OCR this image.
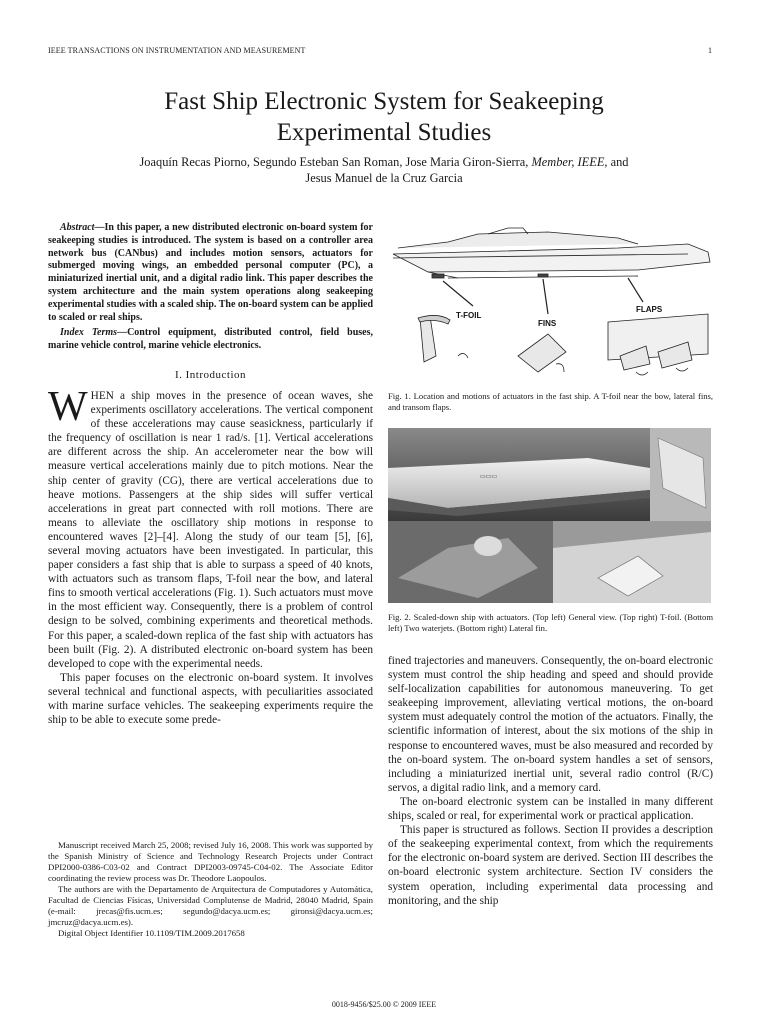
IEEE TRANSACTIONS ON INSTRUMENTATION AND MEASUREMENT	1
Fast Ship Electronic System for Seakeeping
Experimental Studies
Joaquín Recas Piorno, Segundo Esteban San Roman, Jose Maria Giron-Sierra, Member, IEEE, and
Jesus Manuel de la Cruz Garcia

Abstract—In this paper, a new distributed electronic on-board system for seakeeping studies is introduced. The system is based on a controller area network bus (CANbus) and includes motion sensors, actuators for submerged moving wings, an embedded personal computer (PC), a miniaturized inertial unit, and a digital radio link. This paper describes the system architecture and the main system operations along seakeeping experimental studies with a scaled ship. The on-board system can be applied to scaled or real ships.

Index Terms—Control equipment, distributed control, field buses, marine vehicle control, marine vehicle electronics.

I. Introduction

WHEN a ship moves in the presence of ocean waves, she experiments oscillatory accelerations. The vertical component of these accelerations may cause seasickness, particularly if the frequency of oscillation is near 1 rad/s. [1]. Vertical accelerations are different across the ship. An accelerometer near the bow will measure vertical accelerations mainly due to pitch motions. Near the ship center of gravity (CG), there are vertical accelerations due to heave motions. Passengers at the ship sides will suffer vertical accelerations in great part connected with roll motions. There are means to alleviate the oscillatory ship motions in response to encountered waves [2]–[4]. Along the study of our team [5], [6], several moving actuators have been investigated. In particular, this paper considers a fast ship that is able to surpass a speed of 40 knots, with actuators such as transom flaps, T-foil near the bow, and lateral fins to smooth vertical accelerations (Fig. 1). Such actuators must move in the most efficient way. Consequently, there is a problem of control design to be solved, combining experiments and theoretical methods. For this paper, a scaled-down replica of the fast ship with actuators has been built (Fig. 2). A distributed electronic on-board system has been developed to cope with the experimental needs.

This paper focuses on the electronic on-board system. It involves several technical and functional aspects, with peculiarities associated with marine surface vehicles. The seakeeping experiments require the ship to be able to execute some prede-

Manuscript received March 25, 2008; revised July 16, 2008. This work was supported by the Spanish Ministry of Science and Technology Research Projects under Contract DPI2000-0386-C03-02 and Contract DPI2003-09745-C04-02. The Associate Editor coordinating the review process was Dr. Theodore Laopoulos.

The authors are with the Departamento de Arquitectura de Computadores y Automática, Facultad de Ciencias Físicas, Universidad Complutense de Madrid, 28040 Madrid, Spain (e-mail: jrecas@fis.ucm.es; segundo@dacya.ucm.es; gironsi@dacya.ucm.es; jmcruz@dacya.ucm.es).

Digital Object Identifier 10.1109/TIM.2009.2017658

T-FOIL
FINS
FLAPS

Fig. 1. Location and motions of actuators in the fast ship. A T-foil near the bow, lateral fins, and transom flaps.

▭▭▭

Fig. 2. Scaled-down ship with actuators. (Top left) General view. (Top right) T-foil. (Bottom left) Two waterjets. (Bottom right) Lateral fin.

fined trajectories and maneuvers. Consequently, the on-board electronic system must control the ship heading and speed and should provide self-localization capabilities for autonomous maneuvering. To get seakeeping improvement, alleviating vertical motions, the on-board system must adequately control the motion of the actuators. Finally, the scientific information of interest, about the six motions of the ship in response to encountered waves, must be also measured and recorded by the on-board system. The on-board system handles a set of sensors, including a miniaturized inertial unit, several radio control (R/C) servos, a digital radio link, and a memory card.

The on-board electronic system can be installed in many different ships, scaled or real, for experimental work or practical application.

This paper is structured as follows. Section II provides a description of the seakeeping experimental context, from which the requirements for the electronic on-board system are derived. Section III describes the on-board electronic system architecture. Section IV considers the system operation, including experimental data processing and monitoring, and the ship

0018-9456/$25.00 © 2009 IEEE
